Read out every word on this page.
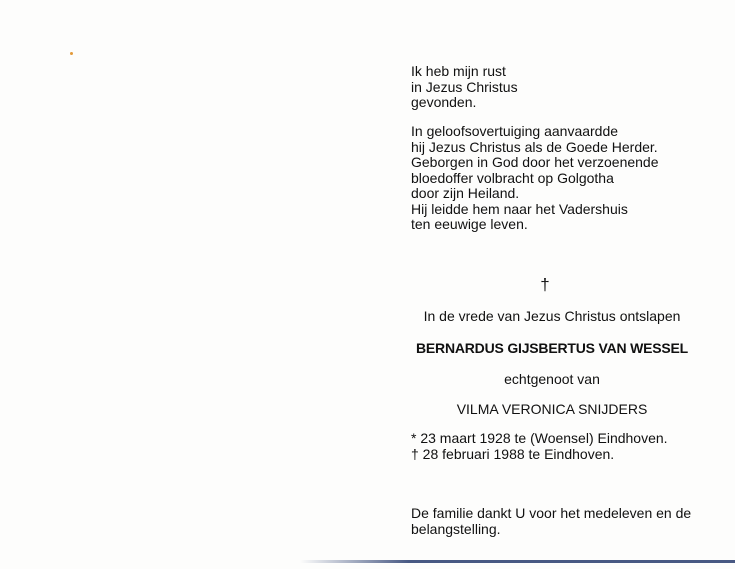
Ik heb mijn rust
in Jezus Christus
gevonden.
In geloofsovertuiging aanvaardde
hij Jezus Christus als de Goede Herder.
Geborgen in God door het verzoenende
bloedoffer volbracht op Golgotha
door zijn Heiland.
Hij leidde hem naar het Vadershuis
ten eeuwige leven.
†
In de vrede van Jezus Christus ontslapen
BERNARDUS GIJSBERTUS VAN WESSEL
echtgenoot van
VILMA VERONICA SNIJDERS
* 23 maart 1928 te (Woensel) Eindhoven.
† 28 februari 1988 te Eindhoven.
De familie dankt U voor het medeleven en de
belangstelling.
